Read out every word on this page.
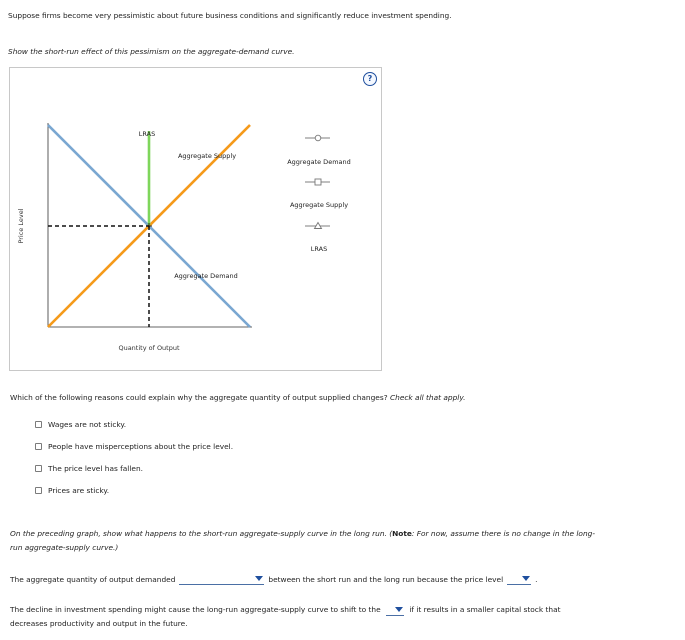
Suppose firms become very pessimistic about future business conditions and significantly reduce investment spending.
Show the short-run effect of this pessimism on the aggregate-demand curve.
?
Price Level
LRAS
Aggregate Supply
Aggregate Demand
Quantity of Output
Aggregate Demand
Aggregate Supply
LRAS
Which of the following reasons could explain why the aggregate quantity of output supplied changes? Check all that apply.
Wages are not sticky.
People have misperceptions about the price level.
The price level has fallen.
Prices are sticky.
On the preceding graph, show what happens to the short-run aggregate-supply curve in the long run. (Note: For now, assume there is no change in the long-run aggregate-supply curve.)
The aggregate quantity of output demanded	between the short run and the long run because the price level	.
The decline in investment spending might cause the long-run aggregate-supply curve to shift to the	if it results in a smaller capital stock that decreases productivity and output in the future.
